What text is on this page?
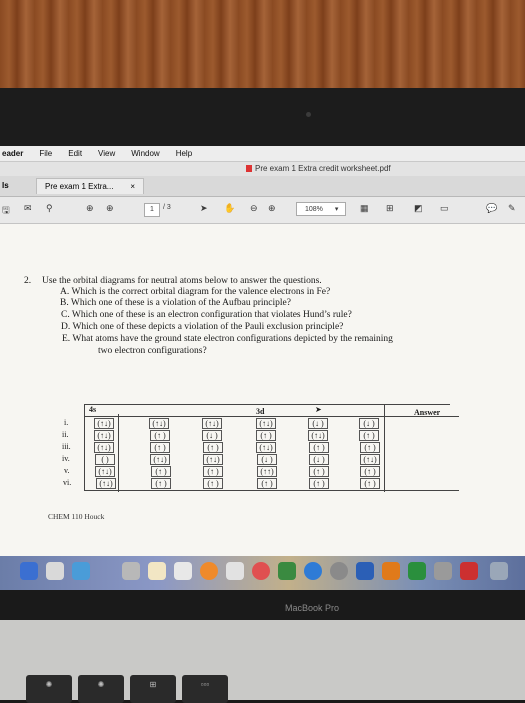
eader File Edit View Window Help
Pre exam 1 Extra credit worksheet.pdf
ls	Pre exam 1 Extra... ×
🖫 ✉ ⚲	⊕ ⊕	1	/ 3	➤ ✋ ⊖ ⊕	108% ▾	▦ ⊞ ◩ ▭	💬 ✎
2. Use the orbital diagrams for neutral atoms below to answer the questions.
A. Which is the correct orbital diagram for the valence electrons in Fe?
B. Which one of these is a violation of the Aufbau principle?
C. Which one of these is an electron configuration that violates Hund’s rule?
D. Which one of these depicts a violation of the Pauli exclusion principle?
E. What atoms have the ground state electron configurations depicted by the remaining
two electron configurations?
4s	3d	➤	Answer
i.	(↑↓)	(↑↓)	(↑↓)	(↑↓)	(↓ )	(↓ )
ii.	(↑↓)	(↑ )	(↓ )	(↑ )	(↑↓)	(↑ )
iii.	(↑↓)	(↑ )	(↑ )	(↑↓)	(↑ )	(↑ )
iv.	( )	(↑↓)	(↑↓)	(↓ )	(↓ )	(↑↓)
v.	(↑↓)	(↑ )	(↑ )	(↑↑)	(↑ )	(↑ )
vi.	(↑↓)	(↑ )	(↑ )	(↑ )	(↑ )	(↑ )
CHEM 110 Houck
MacBook Pro
✺	✺	⊞	▫▫▫
